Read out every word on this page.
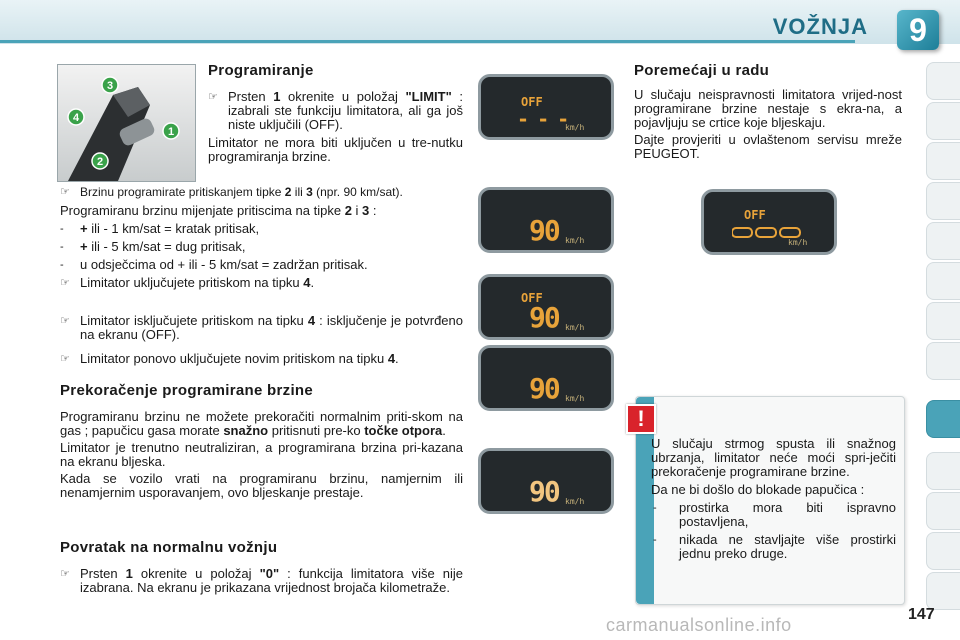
VOŽNJA	9
1
2
3
4
Programiranje
☞ Prsten 1 okrenite u položaj "LIMIT" : izabrali ste funkciju limitatora, ali ga još niste uključili (OFF).

Limitator ne mora biti uključen u tre-nutku programiranja brzine.

☞ Brzinu programirate pritiskanjem tipke 2 ili 3 (npr. 90 km/sat).

Programiranu brzinu mijenjate pritiscima na tipke 2 i 3 :

- + ili - 1 km/sat = kratak pritisak,
- + ili - 5 km/sat = dug pritisak,
- u odsječcima od + ili - 5 km/sat = zadržan pritisak.
☞ Limitator uključujete pritiskom na tipku 4.
☞ Limitator isključujete pritiskom na tipku 4 : isključenje je potvrđeno na ekranu (OFF).
☞ Limitator ponovo uključujete novim pritiskom na tipku 4.
Prekoračenje programirane brzine

Programiranu brzinu ne možete prekoračiti normalnim priti-skom na gas ; papučicu gasa morate snažno pritisnuti pre-ko točke otpora.

Limitator je trenutno neutraliziran, a programirana brzina pri-kazana na ekranu bljeska.

Kada se vozilo vrati na programiranu brzinu, namjernim ili nenamjernim usporavanjem, ovo bljeskanje prestaje.

Povratak na normalnu vožnju
☞ Prsten 1 okrenite u položaj "0" : funkcija limitatora više nije izabrana. Na ekranu je prikazana vrijednost brojača kilometraže.
OFF
- - -
km/h
90 km/h
OFF
90 km/h
90 km/h
90 km/h
Poremećaji u radu

U slučaju neispravnosti limitatora vrijed-nost programirane brzine nestaje s ekra-na, a pojavljuju se crtice koje bljeskaju.

Dajte provjeriti u ovlaštenom servisu mreže PEUGEOT.

OFF
km/h
!

U slučaju strmog spusta ili snažnog ubrzanja, limitator neće moći spri-ječiti prekoračenje programirane brzine.

Da ne bi došlo do blokade papučica :

- prostirka mora biti ispravno postavljena,
- nikada ne stavljajte više prostirki jednu preko druge.
147
carmanualsonline.info
